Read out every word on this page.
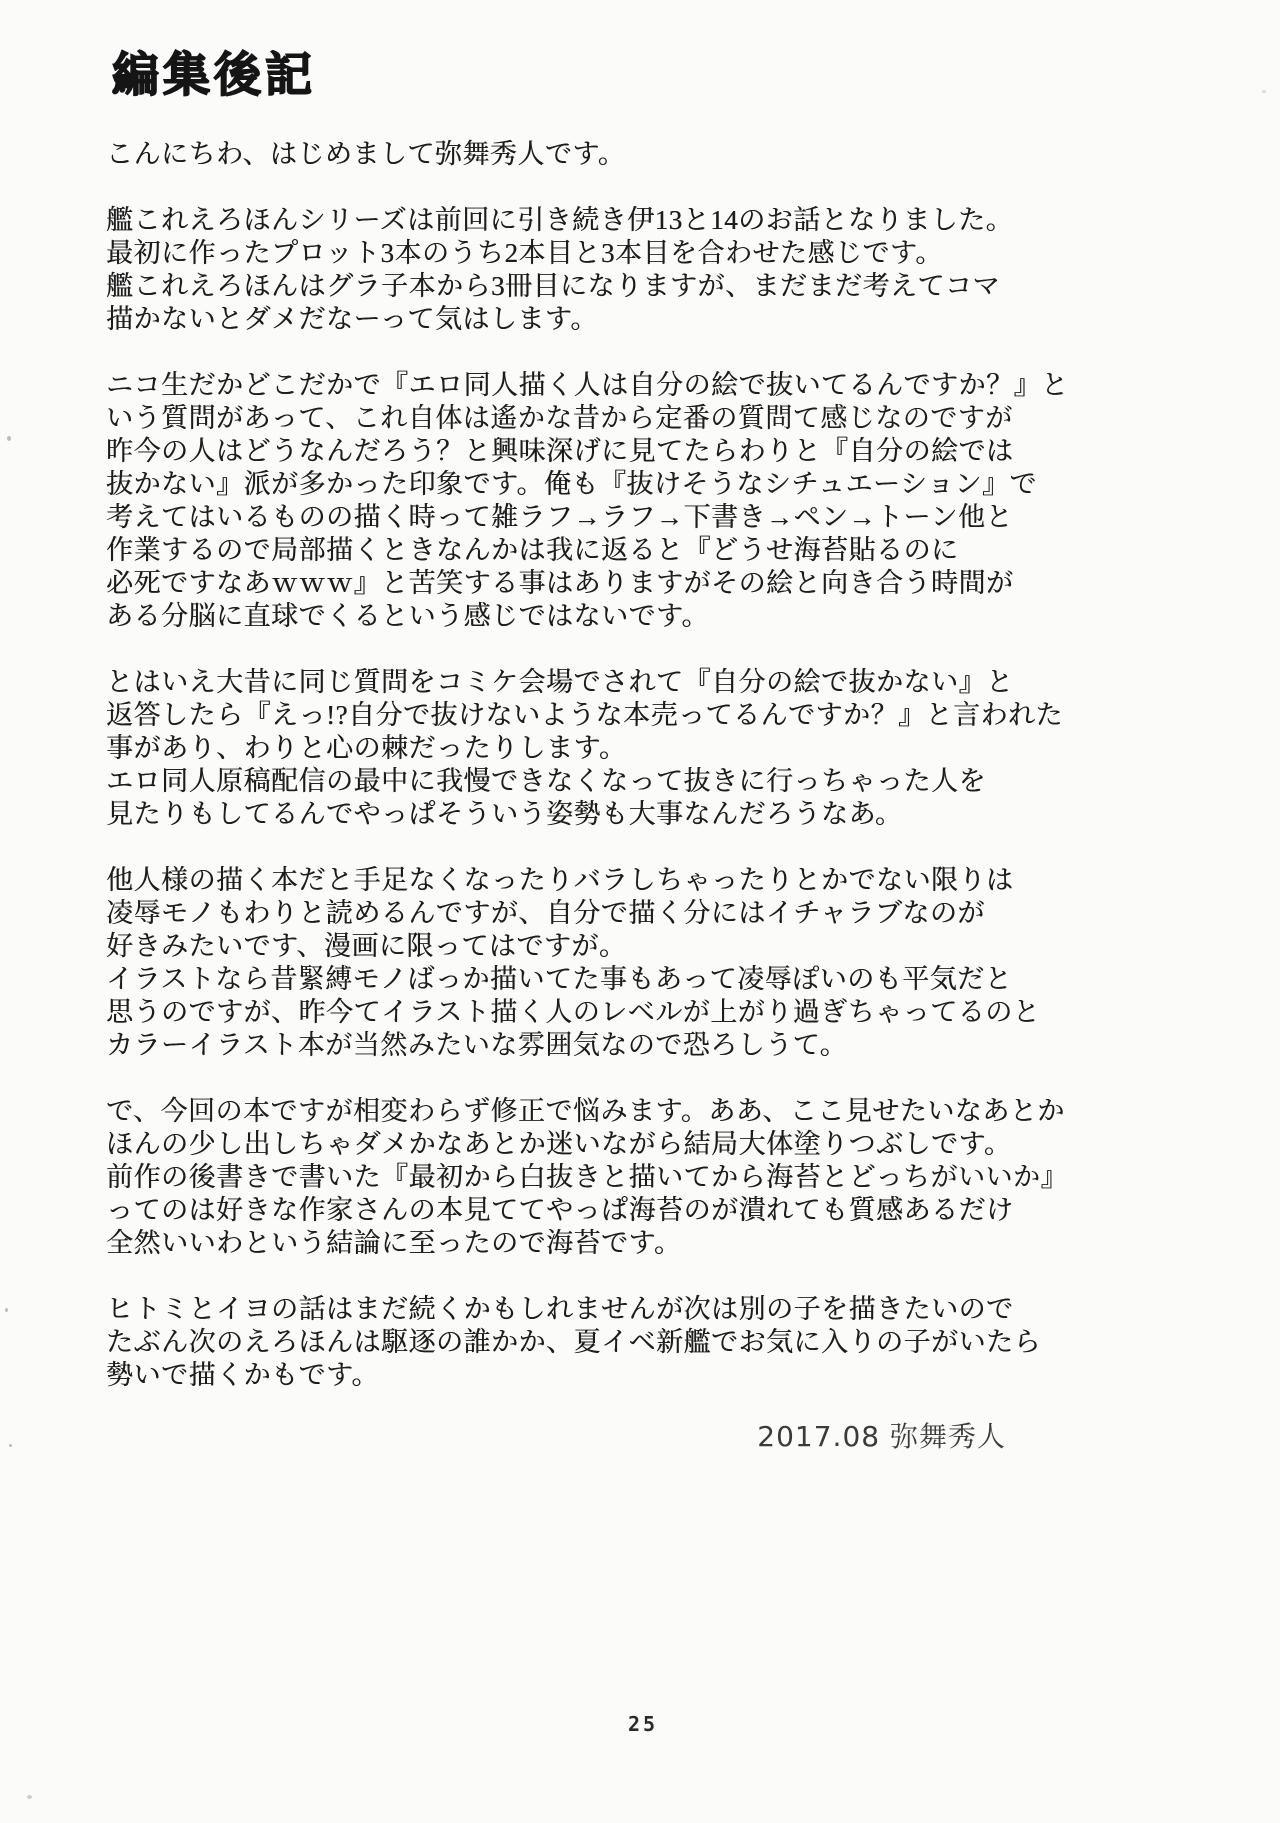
編集後記
こんにちわ、はじめまして弥舞秀人です。
艦これえろほんシリーズは前回に引き続き伊13と14のお話となりました。
最初に作ったプロット3本のうち2本目と3本目を合わせた感じです。
艦これえろほんはグラ子本から3冊目になりますが、まだまだ考えてコマ
描かないとダメだなーって気はします。
ニコ生だかどこだかで『エロ同人描く人は自分の絵で抜いてるんですか？』と
いう質問があって、これ自体は遙かな昔から定番の質問て感じなのですが
昨今の人はどうなんだろう？と興味深げに見てたらわりと『自分の絵では
抜かない』派が多かった印象です。俺も『抜けそうなシチュエーション』で
考えてはいるものの描く時って雑ラフ→ラフ→下書き→ペン→トーン他と
作業するので局部描くときなんかは我に返ると『どうせ海苔貼るのに
必死ですなあｗｗｗ』と苦笑する事はありますがその絵と向き合う時間が
ある分脳に直球でくるという感じではないです。
とはいえ大昔に同じ質問をコミケ会場でされて『自分の絵で抜かない』と
返答したら『えっ!?自分で抜けないような本売ってるんですか？』と言われた
事があり、わりと心の棘だったりします。
エロ同人原稿配信の最中に我慢できなくなって抜きに行っちゃった人を
見たりもしてるんでやっぱそういう姿勢も大事なんだろうなあ。
他人様の描く本だと手足なくなったりバラしちゃったりとかでない限りは
凌辱モノもわりと読めるんですが、自分で描く分にはイチャラブなのが
好きみたいです、漫画に限ってはですが。
イラストなら昔緊縛モノばっか描いてた事もあって凌辱ぽいのも平気だと
思うのですが、昨今てイラスト描く人のレベルが上がり過ぎちゃってるのと
カラーイラスト本が当然みたいな雰囲気なので恐ろしうて。
で、今回の本ですが相変わらず修正で悩みます。ああ、ここ見せたいなあとか
ほんの少し出しちゃダメかなあとか迷いながら結局大体塗りつぶしです。
前作の後書きで書いた『最初から白抜きと描いてから海苔とどっちがいいか』
ってのは好きな作家さんの本見ててやっぱ海苔のが潰れても質感あるだけ
全然いいわという結論に至ったので海苔です。
ヒトミとイヨの話はまだ続くかもしれませんが次は別の子を描きたいので
たぶん次のえろほんは駆逐の誰かか、夏イベ新艦でお気に入りの子がいたら
勢いで描くかもです。
2017.08 弥舞秀人
25
